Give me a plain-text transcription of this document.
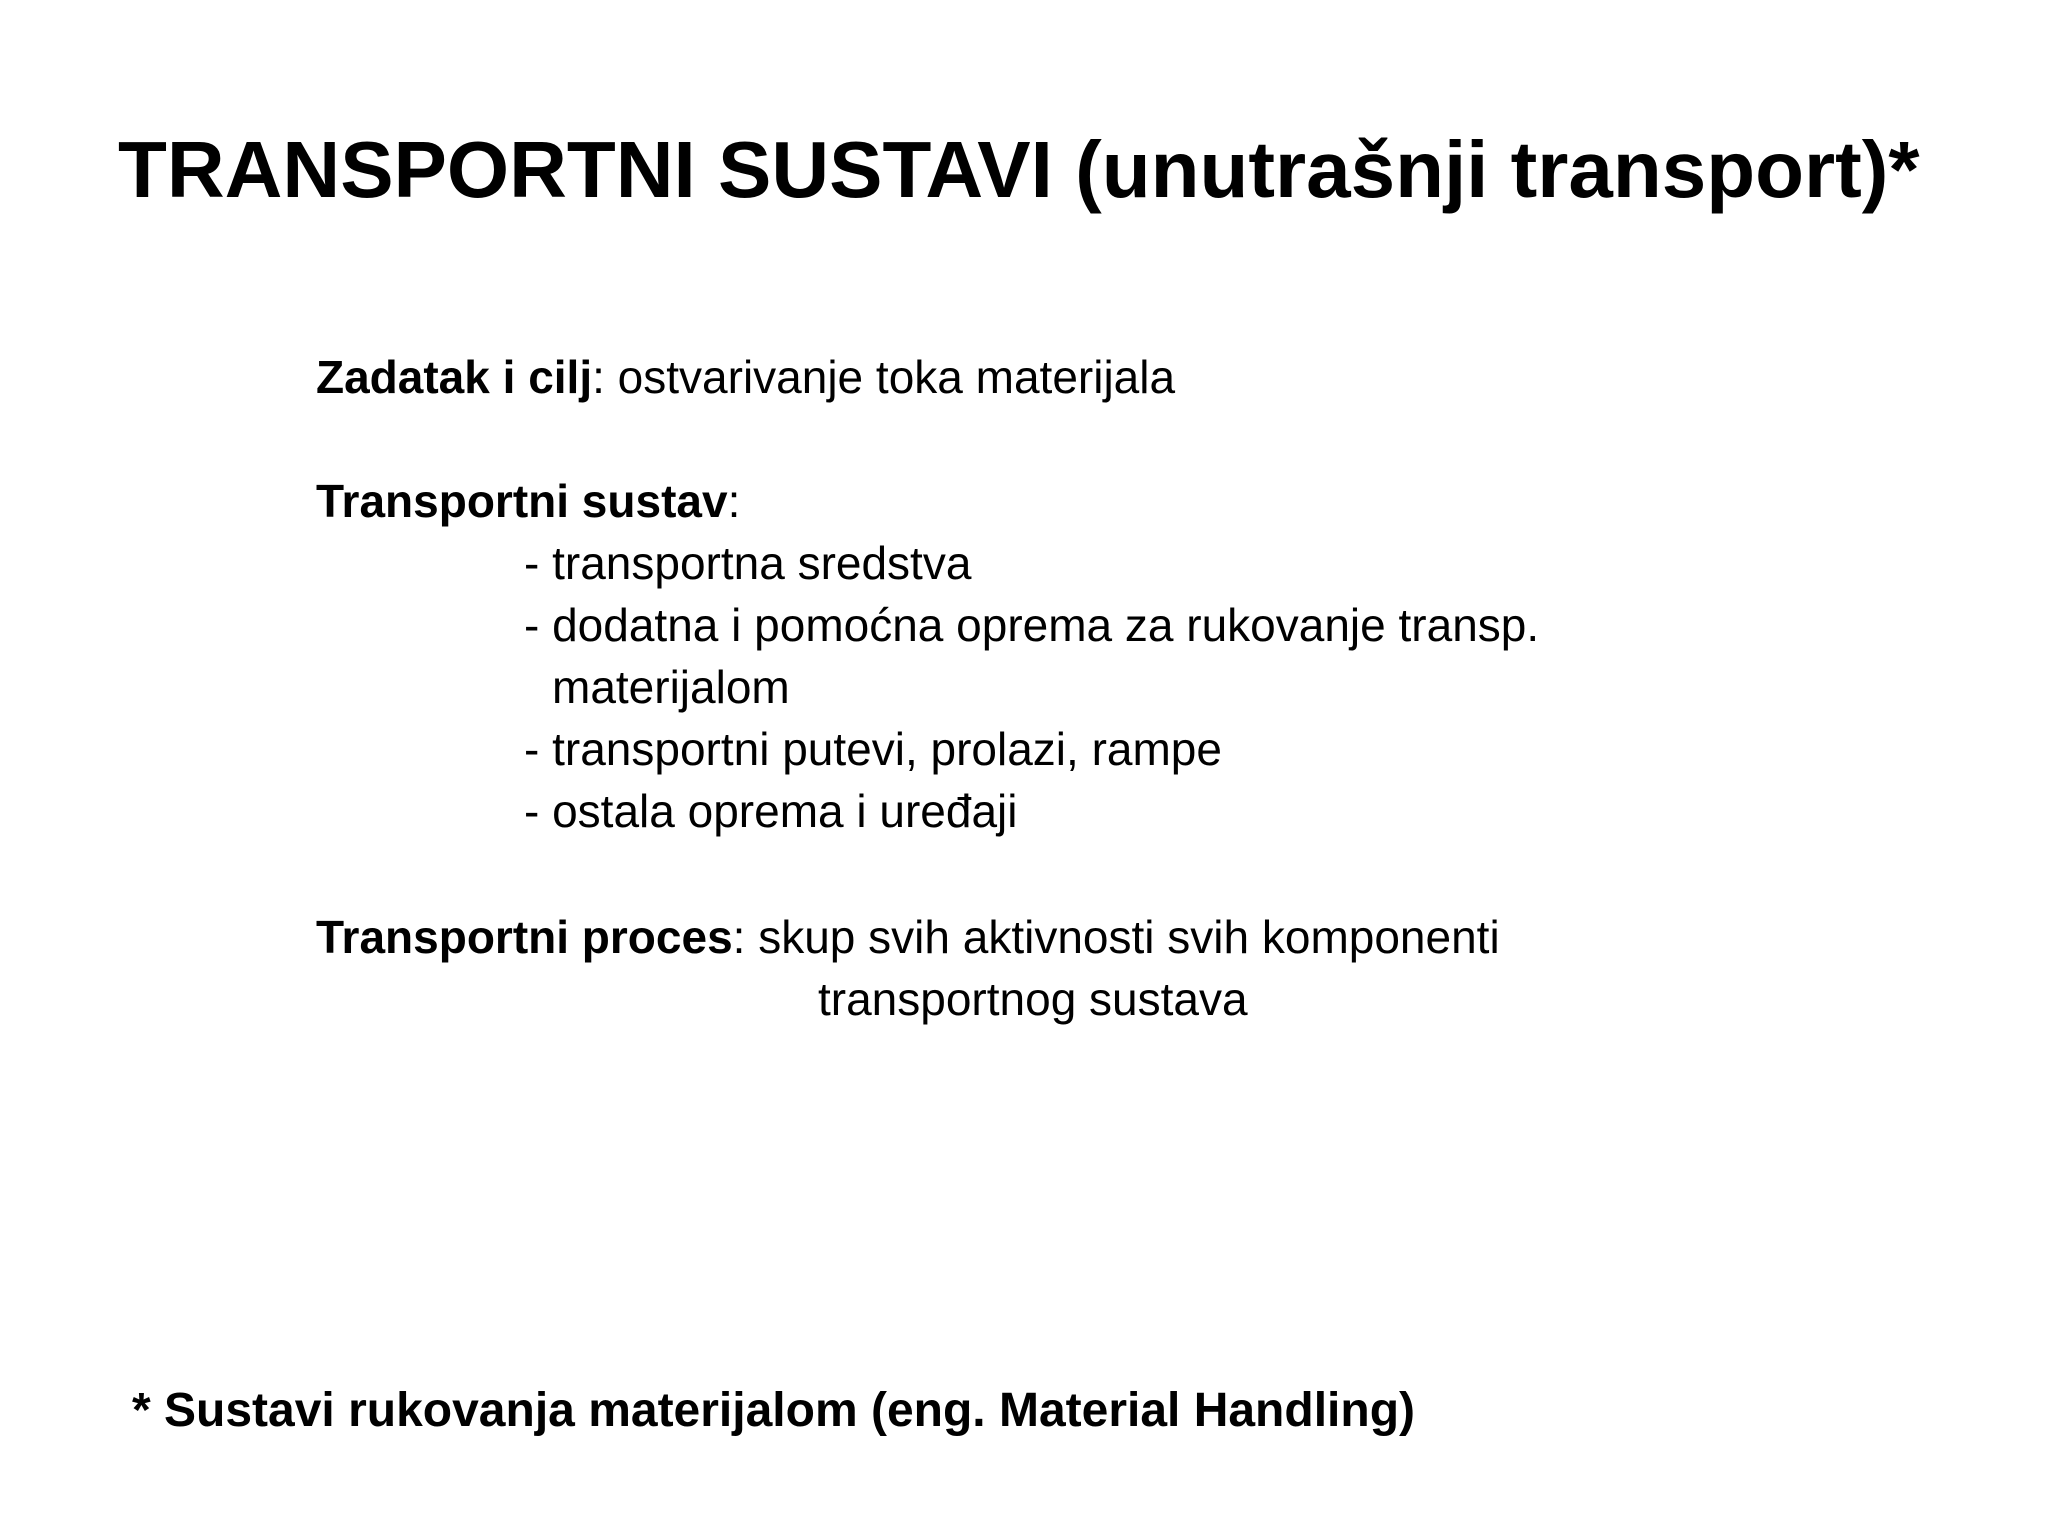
TRANSPORTNI SUSTAVI (unutrašnji transport)*
Zadatak i cilj: ostvarivanje toka materijala
Transportni sustav:
- transportna sredstva
- dodatna i pomoćna oprema za rukovanje transp.
materijalom
- transportni putevi, prolazi, rampe
- ostala oprema i uređaji
Transportni proces: skup svih aktivnosti svih komponenti
transportnog sustava
* Sustavi rukovanja materijalom (eng. Material Handling)
